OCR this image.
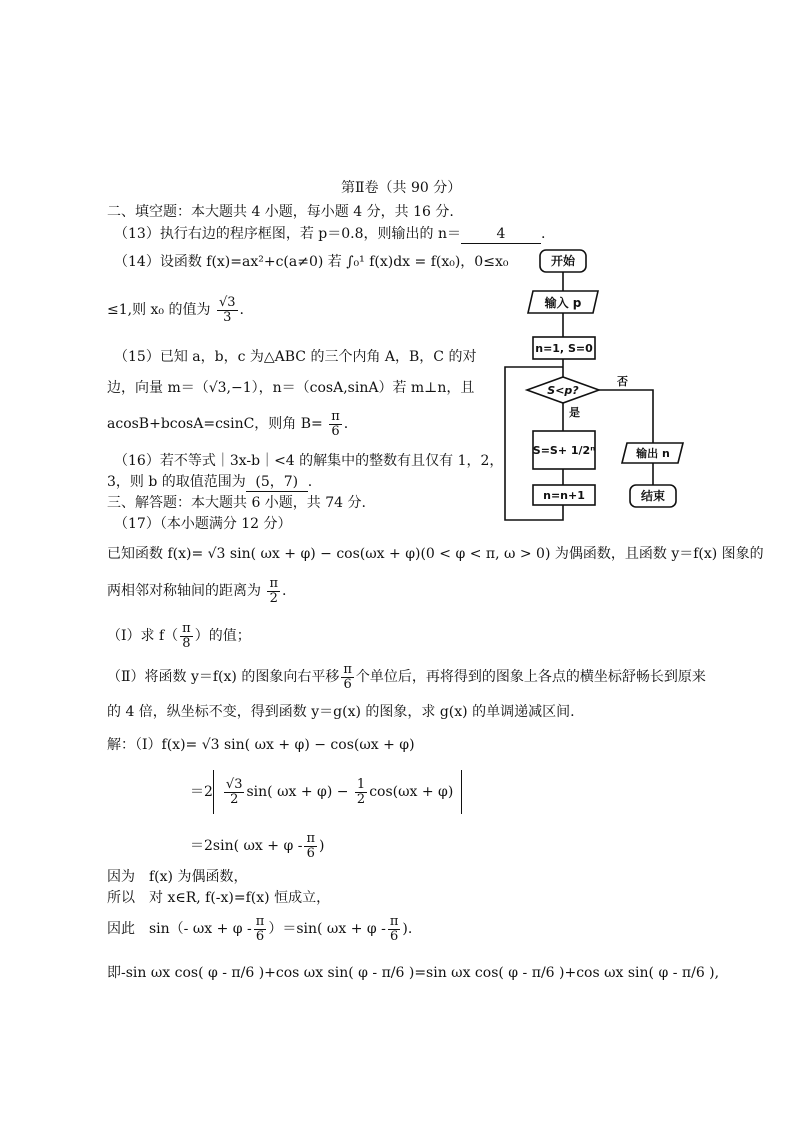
第Ⅱ卷（共 90 分）
二、填空题：本大题共 4 小题，每小题 4 分，共 16 分.
（13）执行右边的程序框图，若 p＝0.8，则输出的 n＝	4	.
（14）设函数 f(x)=ax²+c(a≠0) 若 ∫₀¹ f(x)dx = f(x₀)，0≤x₀
≤1,则 x₀ 的值为 $\frac{√3}{3}$ .
（15）已知 a，b，c 为△ABC 的三个内角 A，B，C 的对
边，向量 m＝（√3,−1），n＝（cosA,sinA）若 m⊥n，且
acosB+bcosA=csinC，则角 $B= \frac{\pi}{6}$ .
（16）若不等式｜3x-b｜<4 的解集中的整数有且仅有 1，2，
3，则 b 的取值范围为 (5，7) .
三、解答题：本大题共 6 小题，共 74 分.
（17）（本小题满分 12 分）
已知函数 f(x)= √3 sin( ωx + φ) − cos(ωx + φ)(0 < φ < π, ω > 0) 为偶函数，且函数 y＝f(x) 图象的
两相邻对称轴间的距离为 $\frac{\pi}{2}$ .
（Ⅰ）求 $f( \frac{\pi}{8}$ ）的值；
（Ⅱ）将函数 y＝f(x) 的图象向右平移 $\frac{\pi}{6}$ 个单位后，再将得到的图象上各点的横坐标舒畅长到原来
的 4 倍，纵坐标不变，得到函数 y＝g(x) 的图象，求 g(x) 的单调递减区间.
解：（Ⅰ）f(x)= √3 sin( ωx + φ) − cos(ωx + φ)
$=2 \frac{√3}{2} \sin$( $\omega x + \varphi) - \frac{1}{2} \cos(\omega x + \varphi)$
＝2sin( $\omega x + \varphi - \frac{\pi}{6}$ )
因为　f(x) 为偶函数，
所以　对 x∈R, f(-x)=f(x) 恒成立，
因此　sin（- $\omega x + \varphi - \frac{\pi}{6} )=\sin$( $\omega x + \varphi - \frac{\pi}{6}$ ).
即-sin ωx cos( φ - π/6 )+cos ωx sin( φ - π/6 )=sin ωx cos( φ - π/6 )+cos ωx sin( φ - π/6 ),
开始
输入 p
n=1, S=0
S<p?
否
是
S=S+ 1/2ⁿ
n=n+1
输出 n
结束
